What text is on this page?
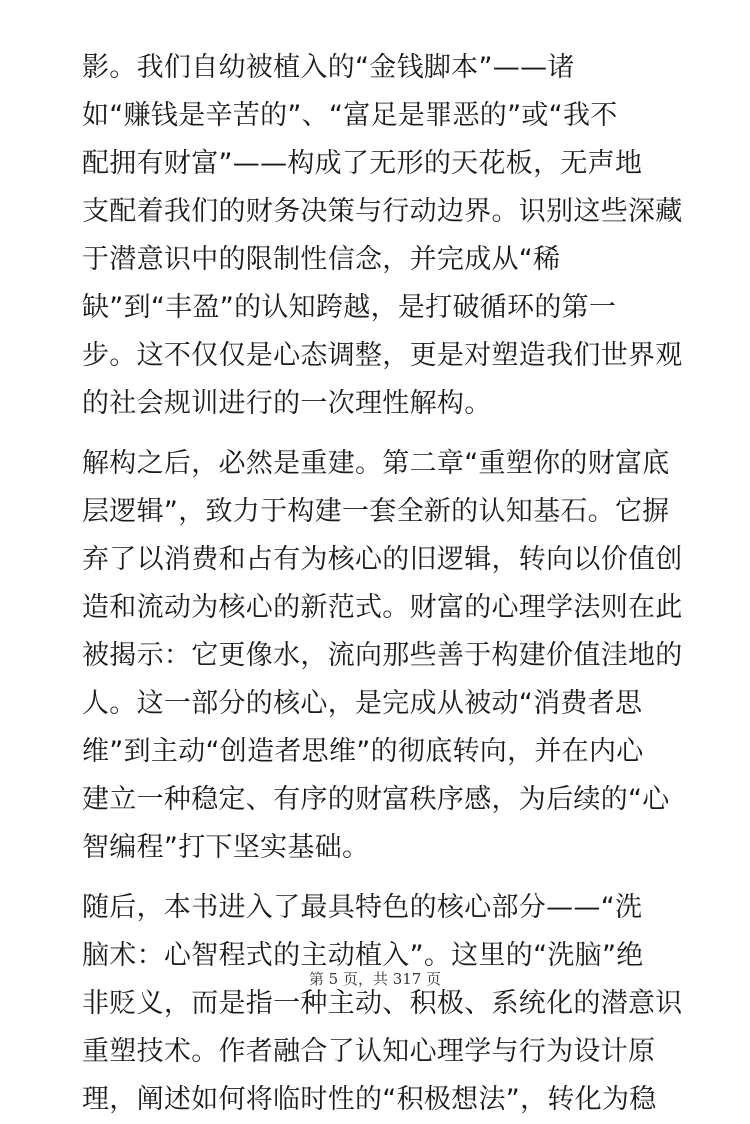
影。我们自幼被植入的“金钱脚本”——诸
如“赚钱是辛苦的”、“富足是罪恶的”或“我不
配拥有财富”——构成了无形的天花板，无声地
支配着我们的财务决策与行动边界。识别这些深藏
于潜意识中的限制性信念，并完成从“稀
缺”到“丰盈”的认知跨越，是打破循环的第一
步。这不仅仅是心态调整，更是对塑造我们世界观
的社会规训进行的一次理性解构。
解构之后，必然是重建。第二章“重塑你的财富底
层逻辑”，致力于构建一套全新的认知基石。它摒
弃了以消费和占有为核心的旧逻辑，转向以价值创
造和流动为核心的新范式。财富的心理学法则在此
被揭示：它更像水，流向那些善于构建价值洼地的
人。这一部分的核心，是完成从被动“消费者思
维”到主动“创造者思维”的彻底转向，并在内心
建立一种稳定、有序的财富秩序感，为后续的“心
智编程”打下坚实基础。
随后，本书进入了最具特色的核心部分——“洗
脑术：心智程式的主动植入”。这里的“洗脑”绝
非贬义，而是指一种主动、积极、系统化的潜意识
重塑技术。作者融合了认知心理学与行为设计原
理，阐述如何将临时性的“积极想法”，转化为稳
第 5 页，共 317 页
